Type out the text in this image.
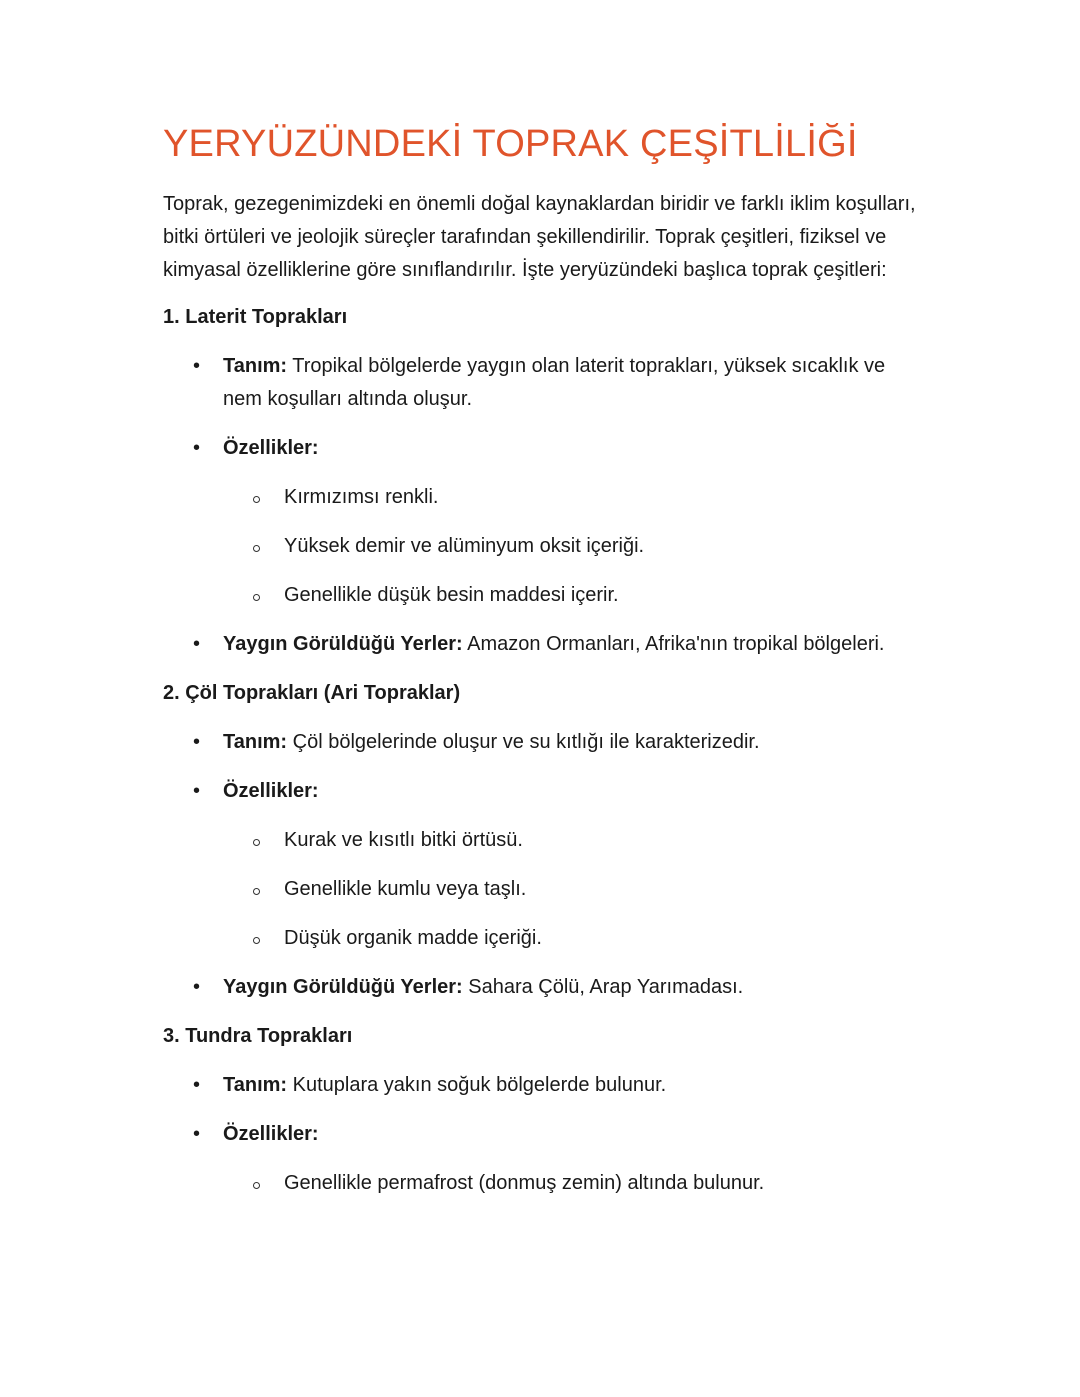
YERYÜZÜNDEKİ TOPRAK ÇEŞİTLİLİĞİ

Toprak, gezegenimizdeki en önemli doğal kaynaklardan biridir ve farklı iklim koşulları, bitki örtüleri ve jeolojik süreçler tarafından şekillendirilir. Toprak çeşitleri, fiziksel ve kimyasal özelliklerine göre sınıflandırılır. İşte yeryüzündeki başlıca toprak çeşitleri:

1. Laterit Toprakları
• Tanım: Tropikal bölgelerde yaygın olan laterit toprakları, yüksek sıcaklık ve nem koşulları altında oluşur.
• Özellikler:
Kırmızımsı renkli.
Yüksek demir ve alüminyum oksit içeriği.
Genellikle düşük besin maddesi içerir.
• Yaygın Görüldüğü Yerler: Amazon Ormanları, Afrika'nın tropikal bölgeleri.
2. Çöl Toprakları (Ari Topraklar)
• Tanım: Çöl bölgelerinde oluşur ve su kıtlığı ile karakterizedir.
• Özellikler:
Kurak ve kısıtlı bitki örtüsü.
Genellikle kumlu veya taşlı.
Düşük organik madde içeriği.
• Yaygın Görüldüğü Yerler: Sahara Çölü, Arap Yarımadası.
3. Tundra Toprakları
• Tanım: Kutuplara yakın soğuk bölgelerde bulunur.
• Özellikler:
Genellikle permafrost (donmuş zemin) altında bulunur.
